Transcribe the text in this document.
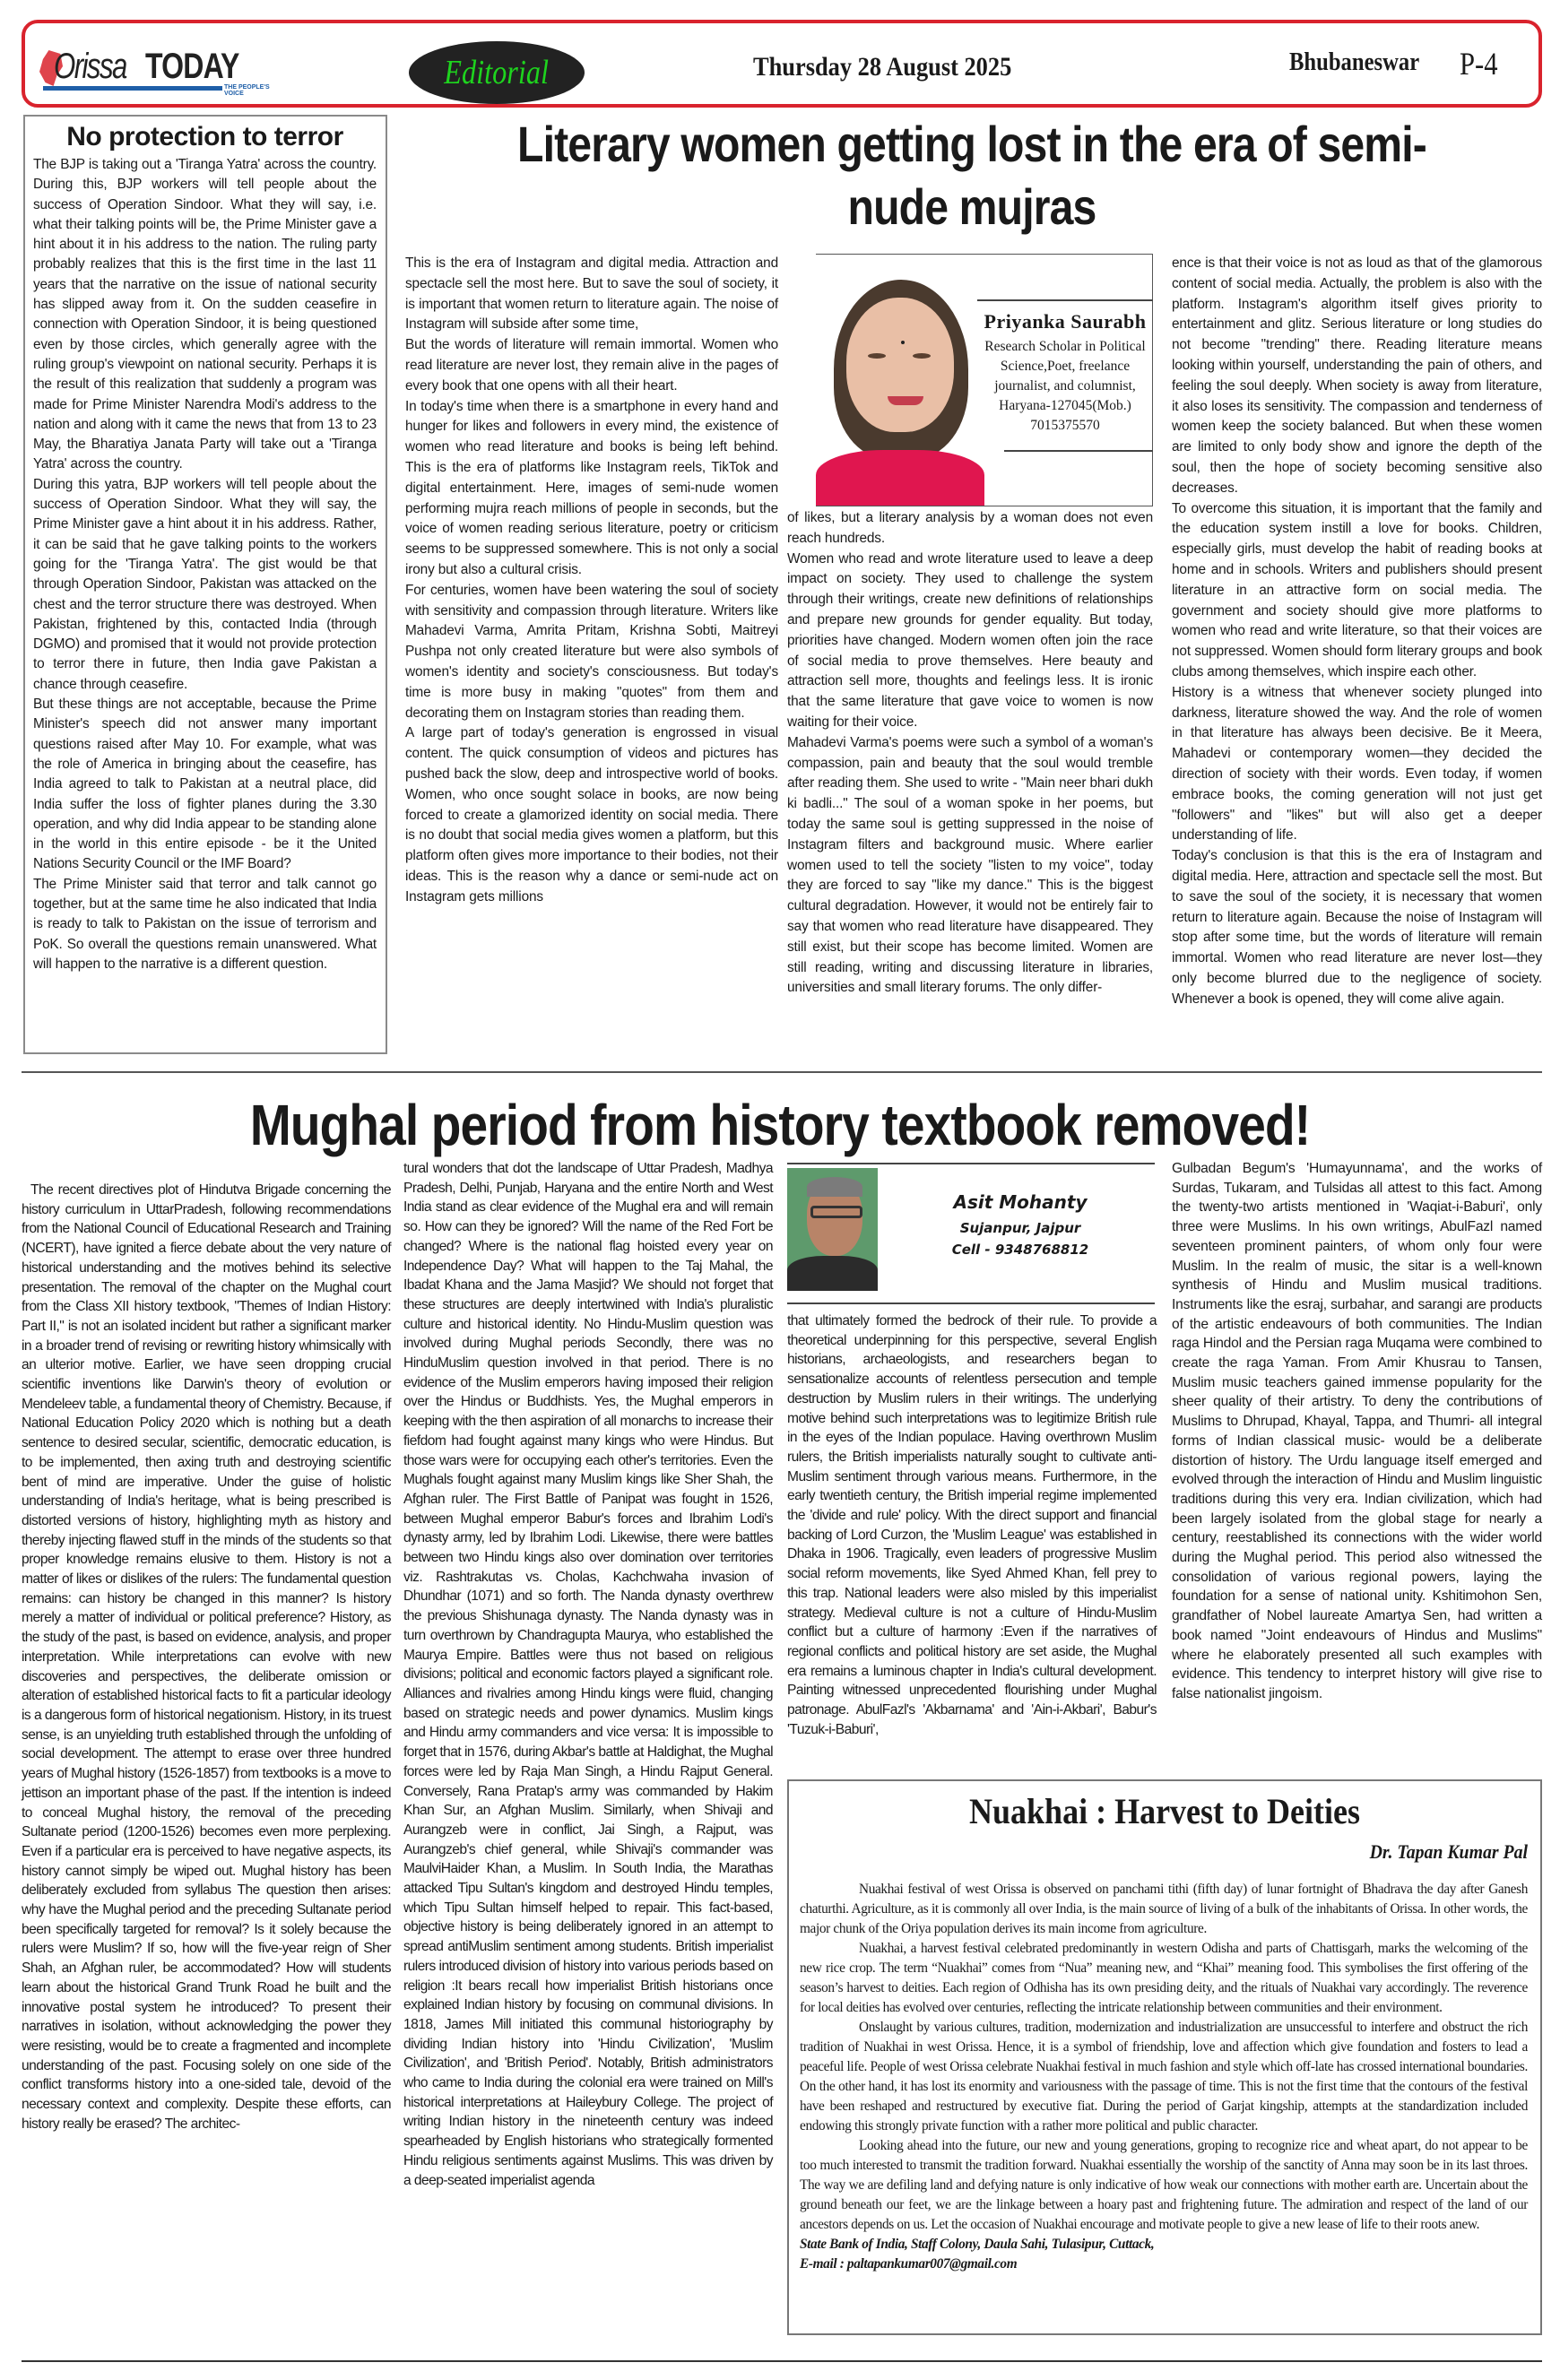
Orissa TODAY
THE PEOPLE'S VOICE
Editorial	Thursday 28 August 2025	Bhubaneswar P-4
No protection to terror

The BJP is taking out a 'Tiranga Yatra' across the country. During this, BJP workers will tell people about the success of Operation Sindoor. What they will say, i.e. what their talking points will be, the Prime Minister gave a hint about it in his address to the nation. The ruling party probably realizes that this is the first time in the last 11 years that the narrative on the issue of national security has slipped away from it. On the sudden ceasefire in connection with Operation Sindoor, it is being questioned even by those circles, which generally agree with the ruling group's viewpoint on national security. Perhaps it is the result of this realization that suddenly a program was made for Prime Minister Narendra Modi's address to the nation and along with it came the news that from 13 to 23 May, the Bharatiya Janata Party will take out a 'Tiranga Yatra' across the country.

During this yatra, BJP workers will tell people about the success of Operation Sindoor. What they will say, the Prime Minister gave a hint about it in his address. Rather, it can be said that he gave talking points to the workers going for the 'Tiranga Yatra'. The gist would be that through Operation Sindoor, Pakistan was attacked on the chest and the terror structure there was destroyed. When Pakistan, frightened by this, contacted India (through DGMO) and promised that it would not provide protection to terror there in future, then India gave Pakistan a chance through ceasefire.

But these things are not acceptable, because the Prime Minister's speech did not answer many important questions raised after May 10. For example, what was the role of America in bringing about the ceasefire, has India agreed to talk to Pakistan at a neutral place, did India suffer the loss of fighter planes during the 3.30 operation, and why did India appear to be standing alone in the world in this entire episode - be it the United Nations Security Council or the IMF Board?

The Prime Minister said that terror and talk cannot go together, but at the same time he also indicated that India is ready to talk to Pakistan on the issue of terrorism and PoK. So overall the questions remain unanswered. What will happen to the narrative is a different question.

Literary women getting lost in the era of semi-nude mujras

This is the era of Instagram and digital media. Attraction and spectacle sell the most here. But to save the soul of society, it is important that women return to literature again. The noise of Instagram will subside after some time,

But the words of literature will remain immortal. Women who read literature are never lost, they remain alive in the pages of every book that one opens with all their heart.

In today's time when there is a smartphone in every hand and hunger for likes and followers in every mind, the existence of women who read literature and books is being left behind. This is the era of platforms like Instagram reels, TikTok and digital entertainment. Here, images of semi-nude women performing mujra reach millions of people in seconds, but the voice of women reading serious literature, poetry or criticism seems to be suppressed somewhere. This is not only a social irony but also a cultural crisis.

For centuries, women have been watering the soul of society with sensitivity and compassion through literature. Writers like Mahadevi Varma, Amrita Pritam, Krishna Sobti, Maitreyi Pushpa not only created literature but were also symbols of women's identity and society's consciousness. But today's time is more busy in making "quotes" from them and decorating them on Instagram stories than reading them.

A large part of today's generation is engrossed in visual content. The quick consumption of videos and pictures has pushed back the slow, deep and introspective world of books. Women, who once sought solace in books, are now being forced to create a glamorized identity on social media. There is no doubt that social media gives women a platform, but this platform often gives more importance to their bodies, not their ideas. This is the reason why a dance or semi-nude act on Instagram gets millions

Priyanka Saurabh
Research Scholar in Political Science,Poet, freelance journalist, and columnist, Haryana-127045(Mob.) 7015375570

of likes, but a literary analysis by a woman does not even reach hundreds.

Women who read and wrote literature used to leave a deep impact on society. They used to challenge the system through their writings, create new definitions of relationships and prepare new grounds for gender equality. But today, priorities have changed. Modern women often join the race of social media to prove themselves. Here beauty and attraction sell more, thoughts and feelings less. It is ironic that the same literature that gave voice to women is now waiting for their voice.

Mahadevi Varma's poems were such a symbol of a woman's compassion, pain and beauty that the soul would tremble after reading them. She used to write - "Main neer bhari dukh ki badli..." The soul of a woman spoke in her poems, but today the same soul is getting suppressed in the noise of Instagram filters and background music. Where earlier women used to tell the society "listen to my voice", today they are forced to say "like my dance." This is the biggest cultural degradation. However, it would not be entirely fair to say that women who read literature have disappeared. They still exist, but their scope has become limited. Women are still reading, writing and discussing literature in libraries, universities and small literary forums. The only differ-

ence is that their voice is not as loud as that of the glamorous content of social media. Actually, the problem is also with the platform. Instagram's algorithm itself gives priority to entertainment and glitz. Serious literature or long studies do not become "trending" there. Reading literature means looking within yourself, understanding the pain of others, and feeling the soul deeply. When society is away from literature, it also loses its sensitivity. The compassion and tenderness of women keep the society balanced. But when these women are limited to only body show and ignore the depth of the soul, then the hope of society becoming sensitive also decreases.

To overcome this situation, it is important that the family and the education system instill a love for books. Children, especially girls, must develop the habit of reading books at home and in schools. Writers and publishers should present literature in an attractive form on social media. The government and society should give more platforms to women who read and write literature, so that their voices are not suppressed. Women should form literary groups and book clubs among themselves, which inspire each other.

History is a witness that whenever society plunged into darkness, literature showed the way. And the role of women in that literature has always been decisive. Be it Meera, Mahadevi or contemporary women—they decided the direction of society with their words. Even today, if women embrace books, the coming generation will not just get "followers" and "likes" but will also get a deeper understanding of life.

Today's conclusion is that this is the era of Instagram and digital media. Here, attraction and spectacle sell the most. But to save the soul of the society, it is necessary that women return to literature again. Because the noise of Instagram will stop after some time, but the words of literature will remain immortal. Women who read literature are never lost—they only become blurred due to the negligence of society. Whenever a book is opened, they will come alive again.

Mughal period from history textbook removed!

The recent directives plot of Hindutva Brigade concerning the history curriculum in UttarPradesh, following recommendations from the National Council of Educational Research and Training (NCERT), have ignited a fierce debate about the very nature of historical understanding and the motives behind its selective presentation. The removal of the chapter on the Mughal court from the Class XII history textbook, "Themes of Indian History: Part II," is not an isolated incident but rather a significant marker in a broader trend of revising or rewriting history whimsically with an ulterior motive. Earlier, we have seen dropping crucial scientific inventions like Darwin's theory of evolution or Mendeleev table, a fundamental theory of Chemistry. Because, if National Education Policy 2020 which is nothing but a death sentence to desired secular, scientific, democratic education, is to be implemented, then axing truth and destroying scientific bent of mind are imperative. Under the guise of holistic understanding of India's heritage, what is being prescribed is distorted versions of history, highlighting myth as history and thereby injecting flawed stuff in the minds of the students so that proper knowledge remains elusive to them. History is not a matter of likes or dislikes of the rulers: The fundamental question remains: can history be changed in this manner? Is history merely a matter of individual or political preference? History, as the study of the past, is based on evidence, analysis, and proper interpretation. While interpretations can evolve with new discoveries and perspectives, the deliberate omission or alteration of established historical facts to fit a particular ideology is a dangerous form of historical negationism. History, in its truest sense, is an unyielding truth established through the unfolding of social development. The attempt to erase over three hundred years of Mughal history (1526-1857) from textbooks is a move to jettison an important phase of the past. If the intention is indeed to conceal Mughal history, the removal of the preceding Sultanate period (1200-1526) becomes even more perplexing. Even if a particular era is perceived to have negative aspects, its history cannot simply be wiped out. Mughal history has been deliberately excluded from syllabus The question then arises: why have the Mughal period and the preceding Sultanate period been specifically targeted for removal? Is it solely because the rulers were Muslim? If so, how will the five-year reign of Sher Shah, an Afghan ruler, be accommodated? How will students learn about the historical Grand Trunk Road he built and the innovative postal system he introduced? To present their narratives in isolation, without acknowledging the power they were resisting, would be to create a fragmented and incomplete understanding of the past. Focusing solely on one side of the conflict transforms history into a one-sided tale, devoid of the necessary context and complexity. Despite these efforts, can history really be erased? The architec-

tural wonders that dot the landscape of Uttar Pradesh, Madhya Pradesh, Delhi, Punjab, Haryana and the entire North and West India stand as clear evidence of the Mughal era and will remain so. How can they be ignored? Will the name of the Red Fort be changed? Where is the national flag hoisted every year on Independence Day? What will happen to the Taj Mahal, the Ibadat Khana and the Jama Masjid? We should not forget that these structures are deeply intertwined with India's pluralistic culture and historical identity. No Hindu-Muslim question was involved during Mughal periods Secondly, there was no HinduMuslim question involved in that period. There is no evidence of the Muslim emperors having imposed their religion over the Hindus or Buddhists. Yes, the Mughal emperors in keeping with the then aspiration of all monarchs to increase their fiefdom had fought against many kings who were Hindus. But those wars were for occupying each other's territories. Even the Mughals fought against many Muslim kings like Sher Shah, the Afghan ruler. The First Battle of Panipat was fought in 1526, between Mughal emperor Babur's forces and Ibrahim Lodi's dynasty army, led by Ibrahim Lodi. Likewise, there were battles between two Hindu kings also over domination over territories viz. Rashtrakutas vs. Cholas, Kachchwaha invasion of Dhundhar (1071) and so forth. The Nanda dynasty overthrew the previous Shishunaga dynasty. The Nanda dynasty was in turn overthrown by Chandragupta Maurya, who established the Maurya Empire. Battles were thus not based on religious divisions; political and economic factors played a significant role. Alliances and rivalries among Hindu kings were fluid, changing based on strategic needs and power dynamics. Muslim kings and Hindu army commanders and vice versa: It is impossible to forget that in 1576, during Akbar's battle at Haldighat, the Mughal forces were led by Raja Man Singh, a Hindu Rajput General. Conversely, Rana Pratap's army was commanded by Hakim Khan Sur, an Afghan Muslim. Similarly, when Shivaji and Aurangzeb were in conflict, Jai Singh, a Rajput, was Aurangzeb's chief general, while Shivaji's commander was MaulviHaider Khan, a Muslim. In South India, the Marathas attacked Tipu Sultan's kingdom and destroyed Hindu temples, which Tipu Sultan himself helped to repair. This fact-based, objective history is being deliberately ignored in an attempt to spread antiMuslim sentiment among students. British imperialist rulers introduced division of history into various periods based on religion :It bears recall how imperialist British historians once explained Indian history by focusing on communal divisions. In 1818, James Mill initiated this communal historiography by dividing Indian history into 'Hindu Civilization', 'Muslim Civilization', and 'British Period'. Notably, British administrators who came to India during the colonial era were trained on Mill's historical interpretations at Haileybury College. The project of writing Indian history in the nineteenth century was indeed spearheaded by English historians who strategically formented Hindu religious sentiments against Muslims. This was driven by a deep-seated imperialist agenda

Asit Mohanty
Sujanpur, Jajpur
Cell - 9348768812

that ultimately formed the bedrock of their rule. To provide a theoretical underpinning for this perspective, several English historians, archaeologists, and researchers began to sensationalize accounts of relentless persecution and temple destruction by Muslim rulers in their writings. The underlying motive behind such interpretations was to legitimize British rule in the eyes of the Indian populace. Having overthrown Muslim rulers, the British imperialists naturally sought to cultivate anti-Muslim sentiment through various means. Furthermore, in the early twentieth century, the British imperial regime implemented the 'divide and rule' policy. With the direct support and financial backing of Lord Curzon, the 'Muslim League' was established in Dhaka in 1906. Tragically, even leaders of progressive Muslim social reform movements, like Syed Ahmed Khan, fell prey to this trap. National leaders were also misled by this imperialist strategy. Medieval culture is not a culture of Hindu-Muslim conflict but a culture of harmony :Even if the narratives of regional conflicts and political history are set aside, the Mughal era remains a luminous chapter in India's cultural development. Painting witnessed unprecedented flourishing under Mughal patronage. AbulFazl's 'Akbarnama' and 'Ain-i-Akbari', Babur's 'Tuzuk-i-Baburi',

Gulbadan Begum's 'Humayunnama', and the works of Surdas, Tukaram, and Tulsidas all attest to this fact. Among the twenty-two artists mentioned in 'Waqiat-i-Baburi', only three were Muslims. In his own writings, AbulFazl named seventeen prominent painters, of whom only four were Muslim. In the realm of music, the sitar is a well-known synthesis of Hindu and Muslim musical traditions. Instruments like the esraj, surbahar, and sarangi are products of the artistic endeavours of both communities. The Indian raga Hindol and the Persian raga Muqama were combined to create the raga Yaman. From Amir Khusrau to Tansen, Muslim music teachers gained immense popularity for the sheer quality of their artistry. To deny the contributions of Muslims to Dhrupad, Khayal, Tappa, and Thumri- all integral forms of Indian classical music- would be a deliberate distortion of history. The Urdu language itself emerged and evolved through the interaction of Hindu and Muslim linguistic traditions during this very era. Indian civilization, which had been largely isolated from the global stage for nearly a century, reestablished its connections with the wider world during the Mughal period. This period also witnessed the consolidation of various regional powers, laying the foundation for a sense of national unity. Kshitimohon Sen, grandfather of Nobel laureate Amartya Sen, had written a book named "Joint endeavours of Hindus and Muslims" where he elaborately presented all such examples with evidence. This tendency to interpret history will give rise to false nationalist jingoism.

Nuakhai : Harvest to Deities
Dr. Tapan Kumar Pal

Nuakhai festival of west Orissa is observed on panchami tithi (fifth day) of lunar fortnight of Bhadrava the day after Ganesh chaturthi. Agriculture, as it is commonly all over India, is the main source of living of a bulk of the inhabitants of Orissa. In other words, the major chunk of the Oriya population derives its main income from agriculture.

Nuakhai, a harvest festival celebrated predominantly in western Odisha and parts of Chattisgarh, marks the welcoming of the new rice crop. The term “Nuakhai” comes from “Nua” meaning new, and “Khai” meaning food. This symbolises the first offering of the season’s harvest to deities. Each region of Odhisha has its own presiding deity, and the rituals of Nuakhai vary accordingly. The reverence for local deities has evolved over centuries, reflecting the intricate relationship between communities and their environment.

Onslaught by various cultures, tradition, modernization and industrialization are unsuccessful to interfere and obstruct the rich tradition of Nuakhai in west Orissa. Hence, it is a symbol of friendship, love and affection which give foundation and fosters to lead a peaceful life. People of west Orissa celebrate Nuakhai festival in much fashion and style which off-late has crossed international boundaries. On the other hand, it has lost its enormity and variousness with the passage of time. This is not the first time that the contours of the festival have been reshaped and restructured by executive fiat. During the period of Garjat kingship, attempts at the standardization included endowing this strongly private function with a rather more political and public character.

Looking ahead into the future, our new and young generations, groping to recognize rice and wheat apart, do not appear to be too much interested to transmit the tradition forward. Nuakhai essentially the worship of the sanctity of Anna may soon be in its last throes. The way we are defiling land and defying nature is only indicative of how weak our connections with mother earth are. Uncertain about the ground beneath our feet, we are the linkage between a hoary past and frightening future. The admiration and respect of the land of our ancestors depends on us. Let the occasion of Nuakhai encourage and motivate people to give a new lease of life to their roots anew.

State Bank of India, Staff Colony, Daula Sahi, Tulasipur, Cuttack,

E-mail : paltapankumar007@gmail.com
